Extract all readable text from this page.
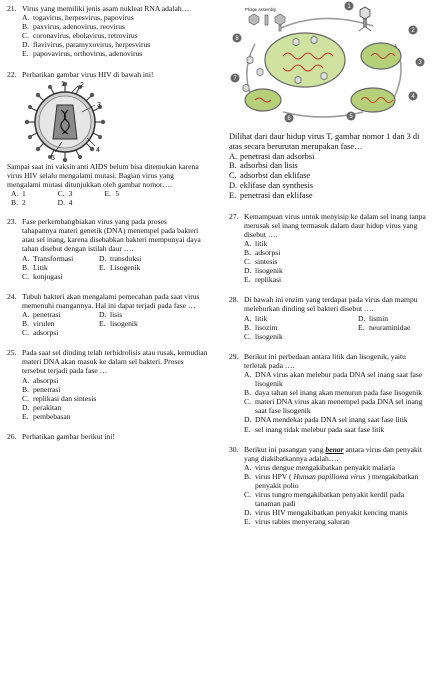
21. Virus yang memiliki jenis asam nukleat RNA adalah…
A. togavirus, herpesvirus, papovirus
B. paxvirus, adenovirus, reovirus
C. coronavirus, ebolavirus, retrovirus
D. flavivirus, paramyxovirus, herpesvirus
E. papovavirus, orthovirus, adenovirus
22. Perhatikan gambar virus HIV di bawah ini!
1 2
3
4
5
Sampai saat ini vaksin anti AIDS belum bisa ditemukan karena virus HIV selalu mengalami mutasi. Bagian virus yang mengalami mutasi ditunjukkan oleh gambar nomor….
A. 1	C. 3	E. 5
B. 2	D. 4
23. Fase perkembangbiakan virus yang pada proses tahapannya materi genetik (DNA) menempel pada bakteri atau sel inang, karena disebabkan bakteri mempunyai daya tahan disebut dengan istilah daur ….
A. Transformasi	D. transduksi
B. Litik	E. Lisogenik
C. konjugasi
24. Tubuh bakteri akan mengalami pemecahan pada saat virus memenuhi ruangannya. Hal ini dapat terjadi pada fase …
A. penetrasi	D. lisis
B. virulen	E. lisogenik
C. adsorpsi
25. Pada saat sel dinding telah terhidrolisis atau rusak, kemudian materi DNA akan masuk ke dalam sel bakteri. Proses tersebut terjadi pada fase …
A. absorpsi
B. penetrasi
C. replikasi dan sintesis
D. perakitan
E. pembebasan
26. Perhatikan gambar berikut ini!
1
2
3
4
5
6
7
8
Phage assembly
Dilihat dari daur hidup virus T, gambar nomor 1 dan 3 di atas secara berurutan merupakan fase…
A. penetrasi dan adsorbsi
B. adsorbsi dan lisis
C. adsorbsi dan eklifase
D. eklifase dan synthesis
E. penetrasi dan eklifase
27. Kemampuan virus untuk menyisip ke dalam sel inang tanpa merusak sel inang termasuk dalam daur hidup virus yang disebut ….
A. litik
B. adsorpsi
C. sintesis
D. lisogenik
E. replikasi
28. Di bawah ini enzim yang terdapat pada virus dan mampu meleburkan dinding sel bakteri disebut ….
A. litik	D. lismin
B. lisozim	E. neuraminidae
C. lisogenik
29. Berikut ini perbedaan antara litik dan lisogenik, yaitu terletak pada ….
A. DNA virus akan melebur pada DNA sel inang saat fase lisogenik
B. daya tahan sel inang akan menurun pada fase lisogenik
C. materi DNA virus akan menempel pada DNA sel inang saat fase lisogenik
D. DNA mendekat pada DNA sel inang saat fase litik
E. sel inang tidak melebur pada saat fase litik
30. Berikut ini pasangan yang benar antara virus dan penyakit yang diakibatkannya adalah….
A. virus dengue mengakibatkan penyakit malaria
B. virus HPV ( Human papilloma virus ) mengakibatkan penyakit polio
C. virus tungro mengakibatkan penyakit kerdil pada tanaman padi
D. virus HIV mengakibatkan penyakit kencing manis
E. virus rabies menyerang saluran
